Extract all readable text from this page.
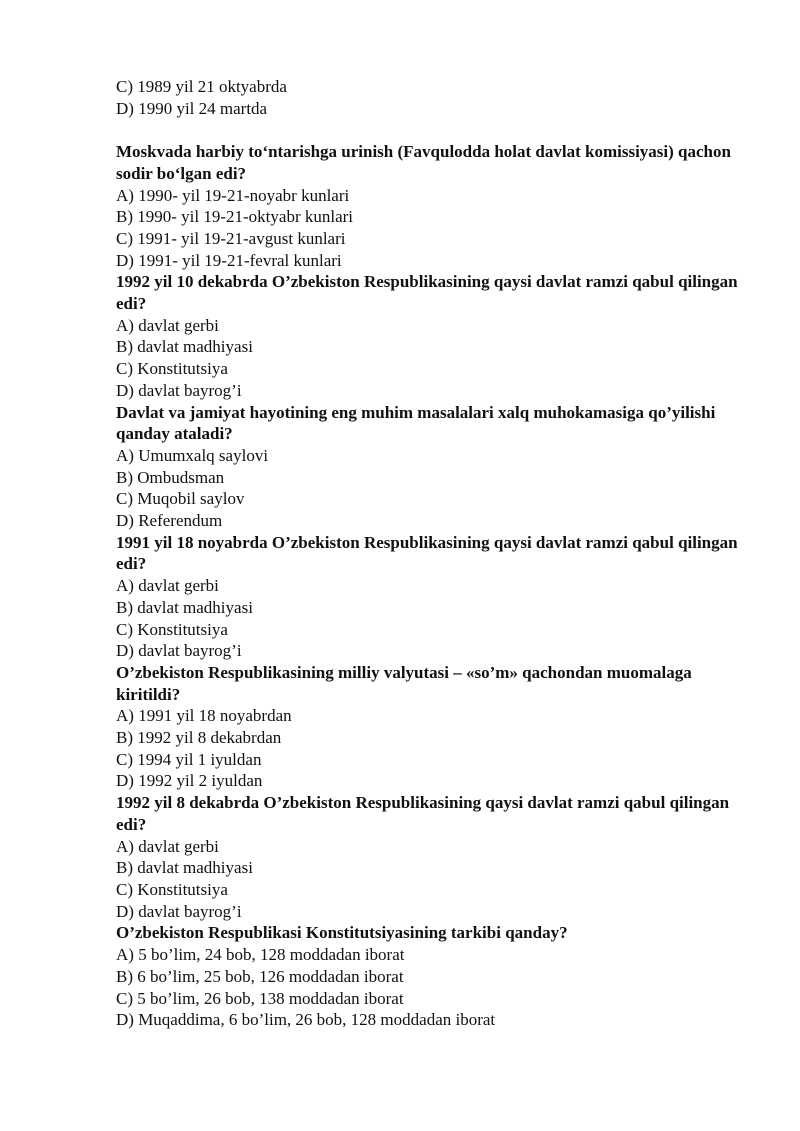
C) 1989 yil 21 oktyabrda

D) 1990 yil 24 martda

Moskvada harbiy to‘ntarishga urinish (Favqulodda holat davlat komissiyasi) qachon sodir bo‘lgan edi?

A) 1990- yil 19-21-noyabr kunlari

B) 1990- yil 19-21-oktyabr kunlari

C) 1991- yil 19-21-avgust kunlari

D) 1991- yil 19-21-fevral kunlari

1992 yil 10 dekabrda O’zbekiston Respublikasining qaysi davlat ramzi qabul qilingan edi?

A) davlat gerbi

B) davlat madhiyasi

C) Konstitutsiya

D) davlat bayrog’i

Davlat va jamiyat hayotining eng muhim masalalari xalq muhokamasiga qo’yilishi qanday ataladi?

A) Umumxalq saylovi

B) Ombudsman

C) Muqobil saylov

D) Referendum

1991 yil 18 noyabrda O’zbekiston Respublikasining qaysi davlat ramzi qabul qilingan edi?

A) davlat gerbi

B) davlat madhiyasi

C) Konstitutsiya

D) davlat bayrog’i

O’zbekiston Respublikasining milliy valyutasi – «so’m» qachondan muomalaga kiritildi?

A) 1991 yil 18 noyabrdan

B) 1992 yil 8 dekabrdan

C) 1994 yil 1 iyuldan

D) 1992 yil 2 iyuldan

1992 yil 8 dekabrda O’zbekiston Respublikasining qaysi davlat ramzi qabul qilingan edi?

A) davlat gerbi

B) davlat madhiyasi

C) Konstitutsiya

D) davlat bayrog’i

O’zbekiston Respublikasi Konstitutsiyasining tarkibi qanday?

A) 5 bo’lim, 24 bob, 128 moddadan iborat

B) 6 bo’lim, 25 bob, 126 moddadan iborat

C) 5 bo’lim, 26 bob, 138 moddadan iborat

D) Muqaddima, 6 bo’lim, 26 bob, 128 moddadan iborat
